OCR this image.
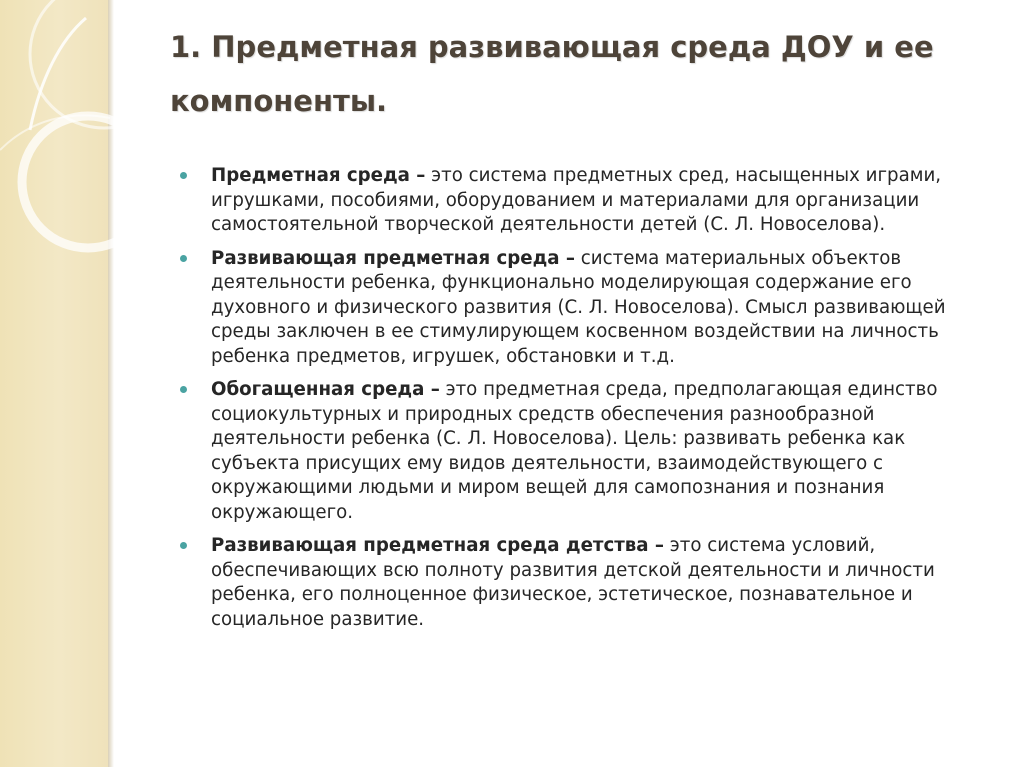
1. Предметная развивающая среда ДОУ и ее компоненты.
Предметная среда – это система предметных сред, насыщенных играми, игрушками, пособиями, оборудованием и материалами для организации самостоятельной творческой деятельности детей (С. Л. Новоселова).
Развивающая предметная среда – система материальных объектов деятельности ребенка, функционально моделирующая содержание его духовного и физического развития (С. Л. Новоселова). Смысл развивающей среды заключен в ее стимулирующем косвенном воздействии на личность ребенка предметов, игрушек, обстановки и т.д.
Обогащенная среда – это предметная среда, предполагающая единство социокультурных и природных средств обеспечения разнообразной деятельности ребенка (С. Л. Новоселова). Цель: развивать ребенка как субъекта присущих ему видов деятельности, взаимодействующего с окружающими людьми и миром вещей для самопознания и познания окружающего.
Развивающая предметная среда детства – это система условий, обеспечивающих всю полноту развития детской деятельности и личности ребенка, его полноценное физическое, эстетическое, познавательное и социальное развитие.
